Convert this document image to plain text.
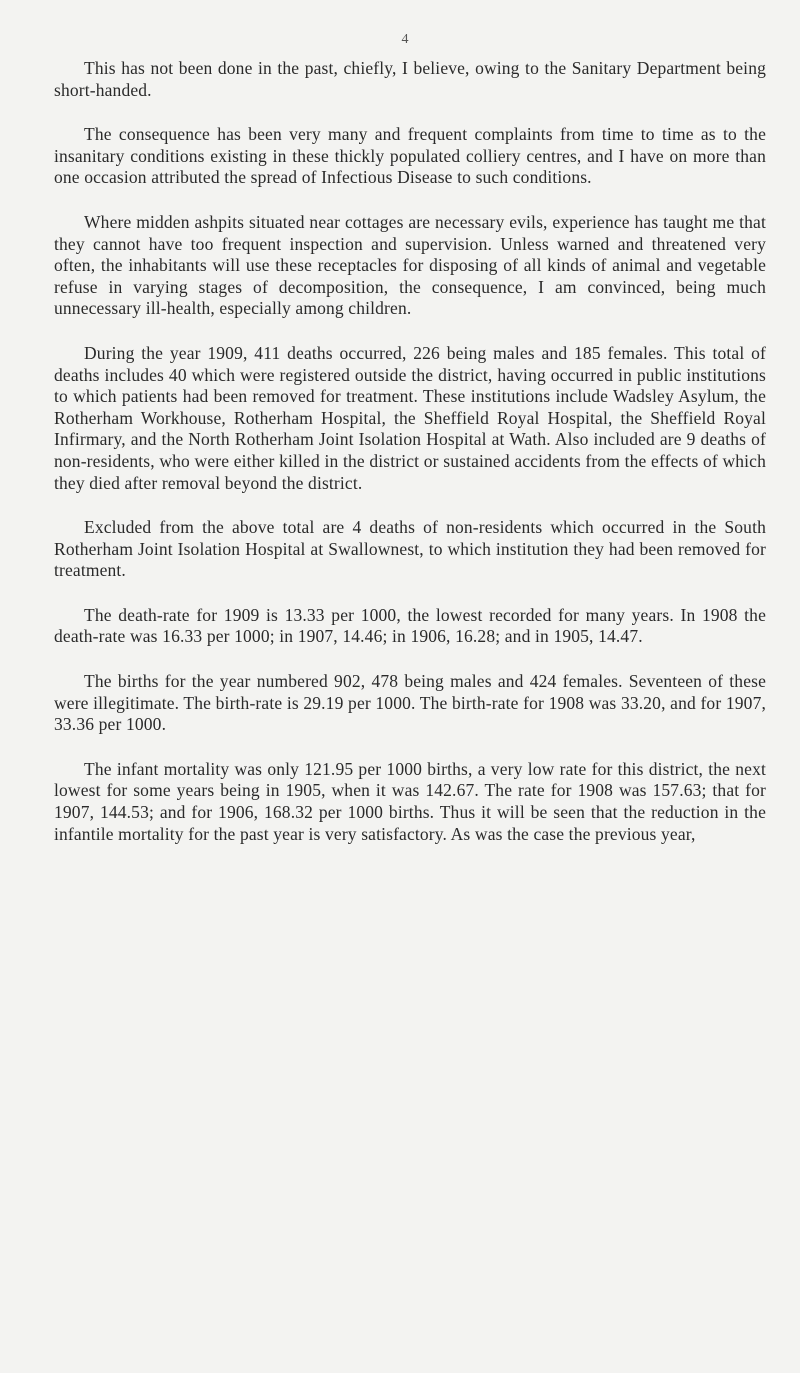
4

This has not been done in the past, chiefly, I believe, owing to the Sanitary Department being short-handed.

The consequence has been very many and frequent complaints from time to time as to the insanitary conditions existing in these thickly populated colliery centres, and I have on more than one occasion attributed the spread of Infectious Disease to such conditions.

Where midden ashpits situated near cottages are necessary evils, experience has taught me that they cannot have too frequent inspection and supervision. Unless warned and threatened very often, the inhabitants will use these receptacles for disposing of all kinds of animal and vegetable refuse in varying stages of decomposition, the consequence, I am convinced, being much unnecessary ill-health, especially among children.

During the year 1909, 411 deaths occurred, 226 being males and 185 females. This total of deaths includes 40 which were registered outside the district, having occurred in public institutions to which patients had been removed for treatment. These institutions include Wadsley Asylum, the Rotherham Workhouse, Rotherham Hospital, the Sheffield Royal Hospital, the Sheffield Royal Infirmary, and the North Rotherham Joint Isolation Hospital at Wath. Also included are 9 deaths of non-residents, who were either killed in the district or sustained accidents from the effects of which they died after removal beyond the district.

Excluded from the above total are 4 deaths of non-residents which occurred in the South Rotherham Joint Isolation Hospital at Swallownest, to which institution they had been removed for treatment.

The death-rate for 1909 is 13.33 per 1000, the lowest recorded for many years. In 1908 the death-rate was 16.33 per 1000; in 1907, 14.46; in 1906, 16.28; and in 1905, 14.47.

The births for the year numbered 902, 478 being males and 424 females. Seventeen of these were illegitimate. The birth-rate is 29.19 per 1000. The birth-rate for 1908 was 33.20, and for 1907, 33.36 per 1000.

The infant mortality was only 121.95 per 1000 births, a very low rate for this district, the next lowest for some years being in 1905, when it was 142.67. The rate for 1908 was 157.63; that for 1907, 144.53; and for 1906, 168.32 per 1000 births. Thus it will be seen that the reduction in the infantile mortality for the past year is very satisfactory. As was the case the previous year,
